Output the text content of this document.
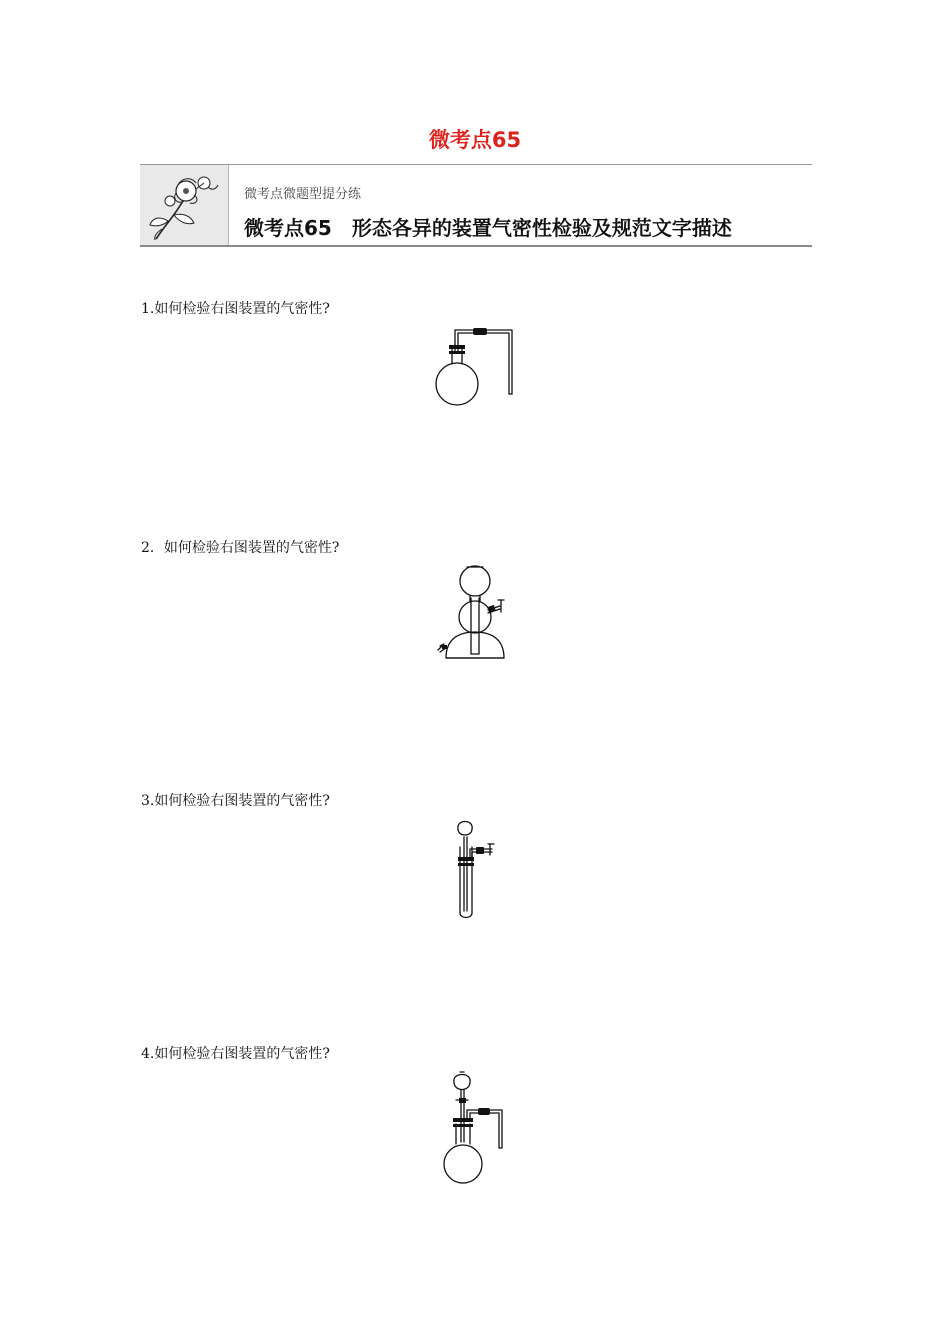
微考点65
微考点微题型提分练
微考点65　形态各异的装置气密性检验及规范文字描述
1.如何检验右图装置的气密性?
2．如何检验右图装置的气密性?
3.如何检验右图装置的气密性?
4.如何检验右图装置的气密性?
